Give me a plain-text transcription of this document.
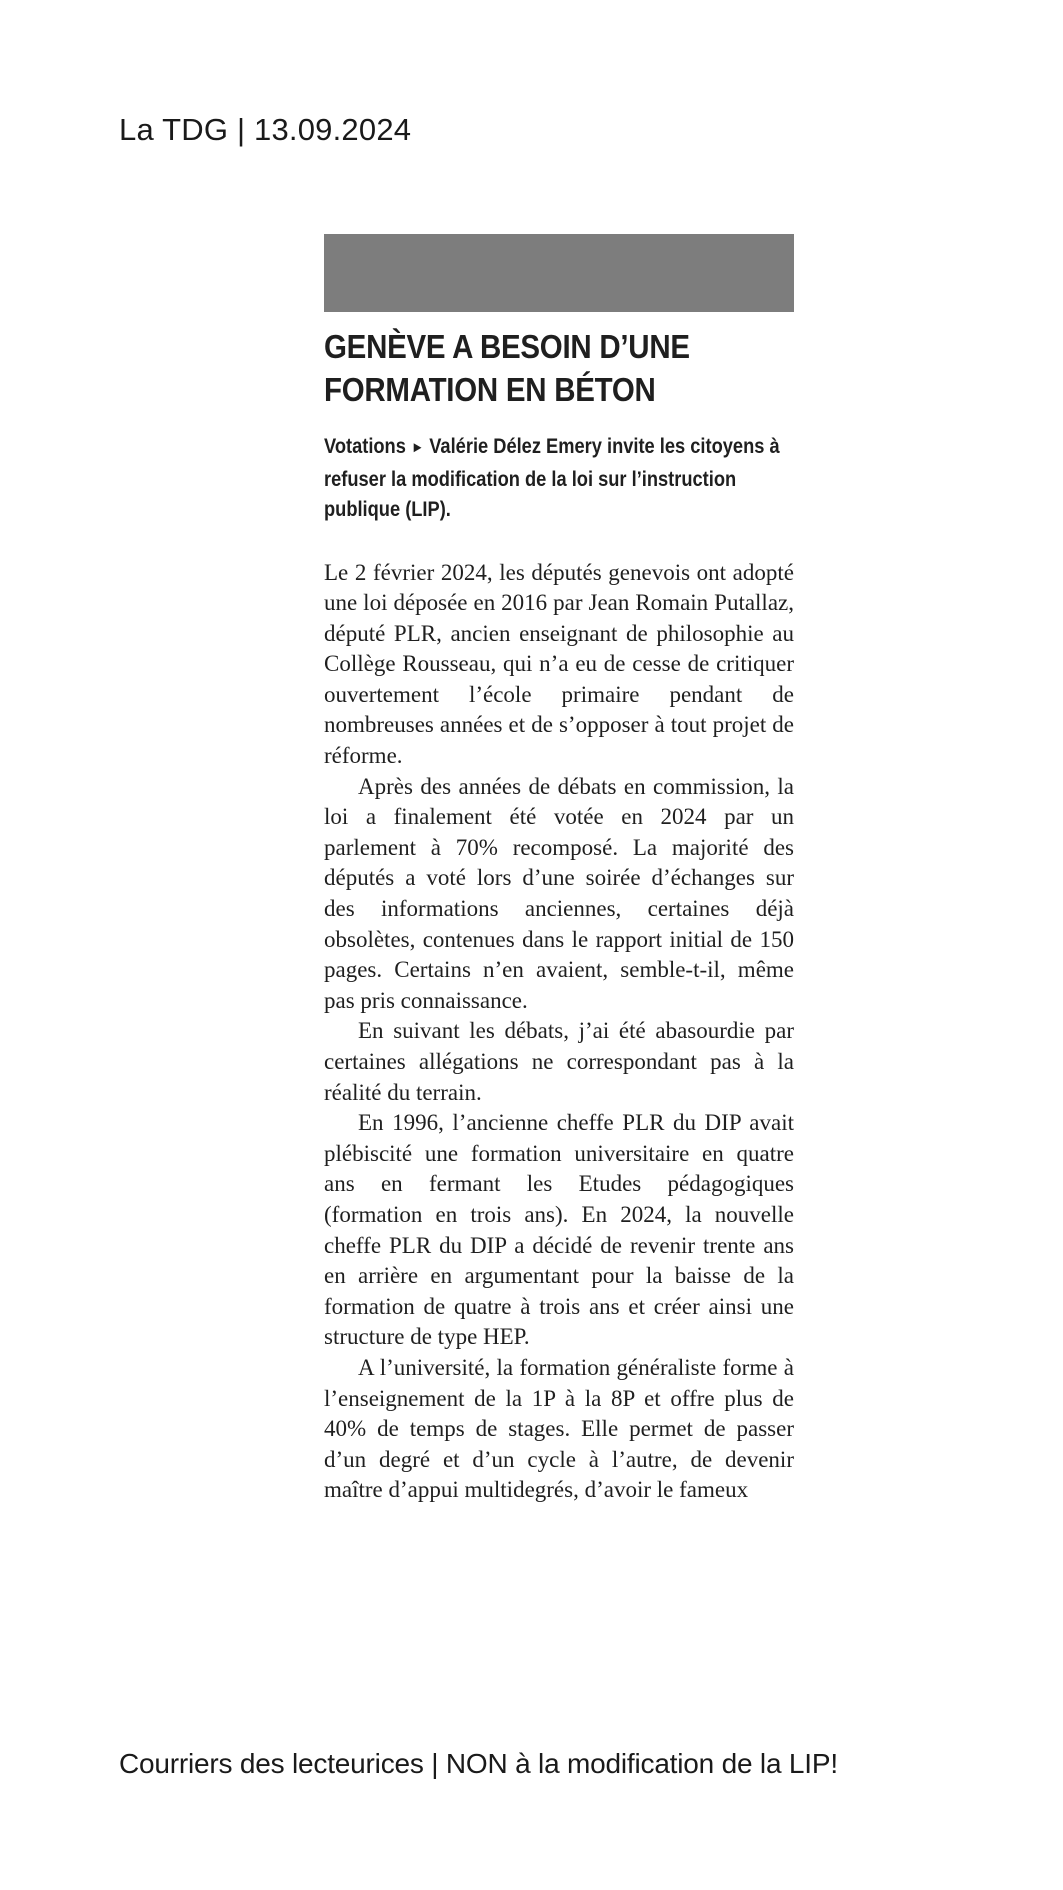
La TDG | 13.09.2024
GENÈVE A BESOIN D’UNE
FORMATION EN BÉTON
Votations ► Valérie Délez Emery invite les citoyens à refuser la modification de la loi sur l’instruction publique (LIP).

Le 2 février 2024, les députés genevois ont adopté une loi déposée en 2016 par Jean Romain Putallaz, député PLR, ancien enseignant de philosophie au Collège Rousseau, qui n’a eu de cesse de critiquer ouvertement l’école primaire pendant de nombreuses années et de s’opposer à tout projet de réforme.

Après des années de débats en commission, la loi a finalement été votée en 2024 par un parlement à 70% recomposé. La majorité des députés a voté lors d’une soirée d’échanges sur des informations anciennes, certaines déjà obsolètes, contenues dans le rapport initial de 150 pages. Certains n’en avaient, semble-t-il, même pas pris connaissance.

En suivant les débats, j’ai été abasourdie par certaines allégations ne correspondant pas à la réalité du terrain.

En 1996, l’ancienne cheffe PLR du DIP avait plébiscité une formation universitaire en quatre ans en fermant les Etudes pédagogiques (formation en trois ans). En 2024, la nouvelle cheffe PLR du DIP a décidé de revenir trente ans en arrière en argumentant pour la baisse de la formation de quatre à trois ans et créer ainsi une structure de type HEP.

A l’université, la formation généraliste forme à l’enseignement de la 1P à la 8P et offre plus de 40% de temps de stages. Elle permet de passer d’un degré et d’un cycle à l’autre, de devenir maître d’appui multidegrés, d’avoir le fameux

Courriers des lecteurices | NON à la modification de la LIP!
